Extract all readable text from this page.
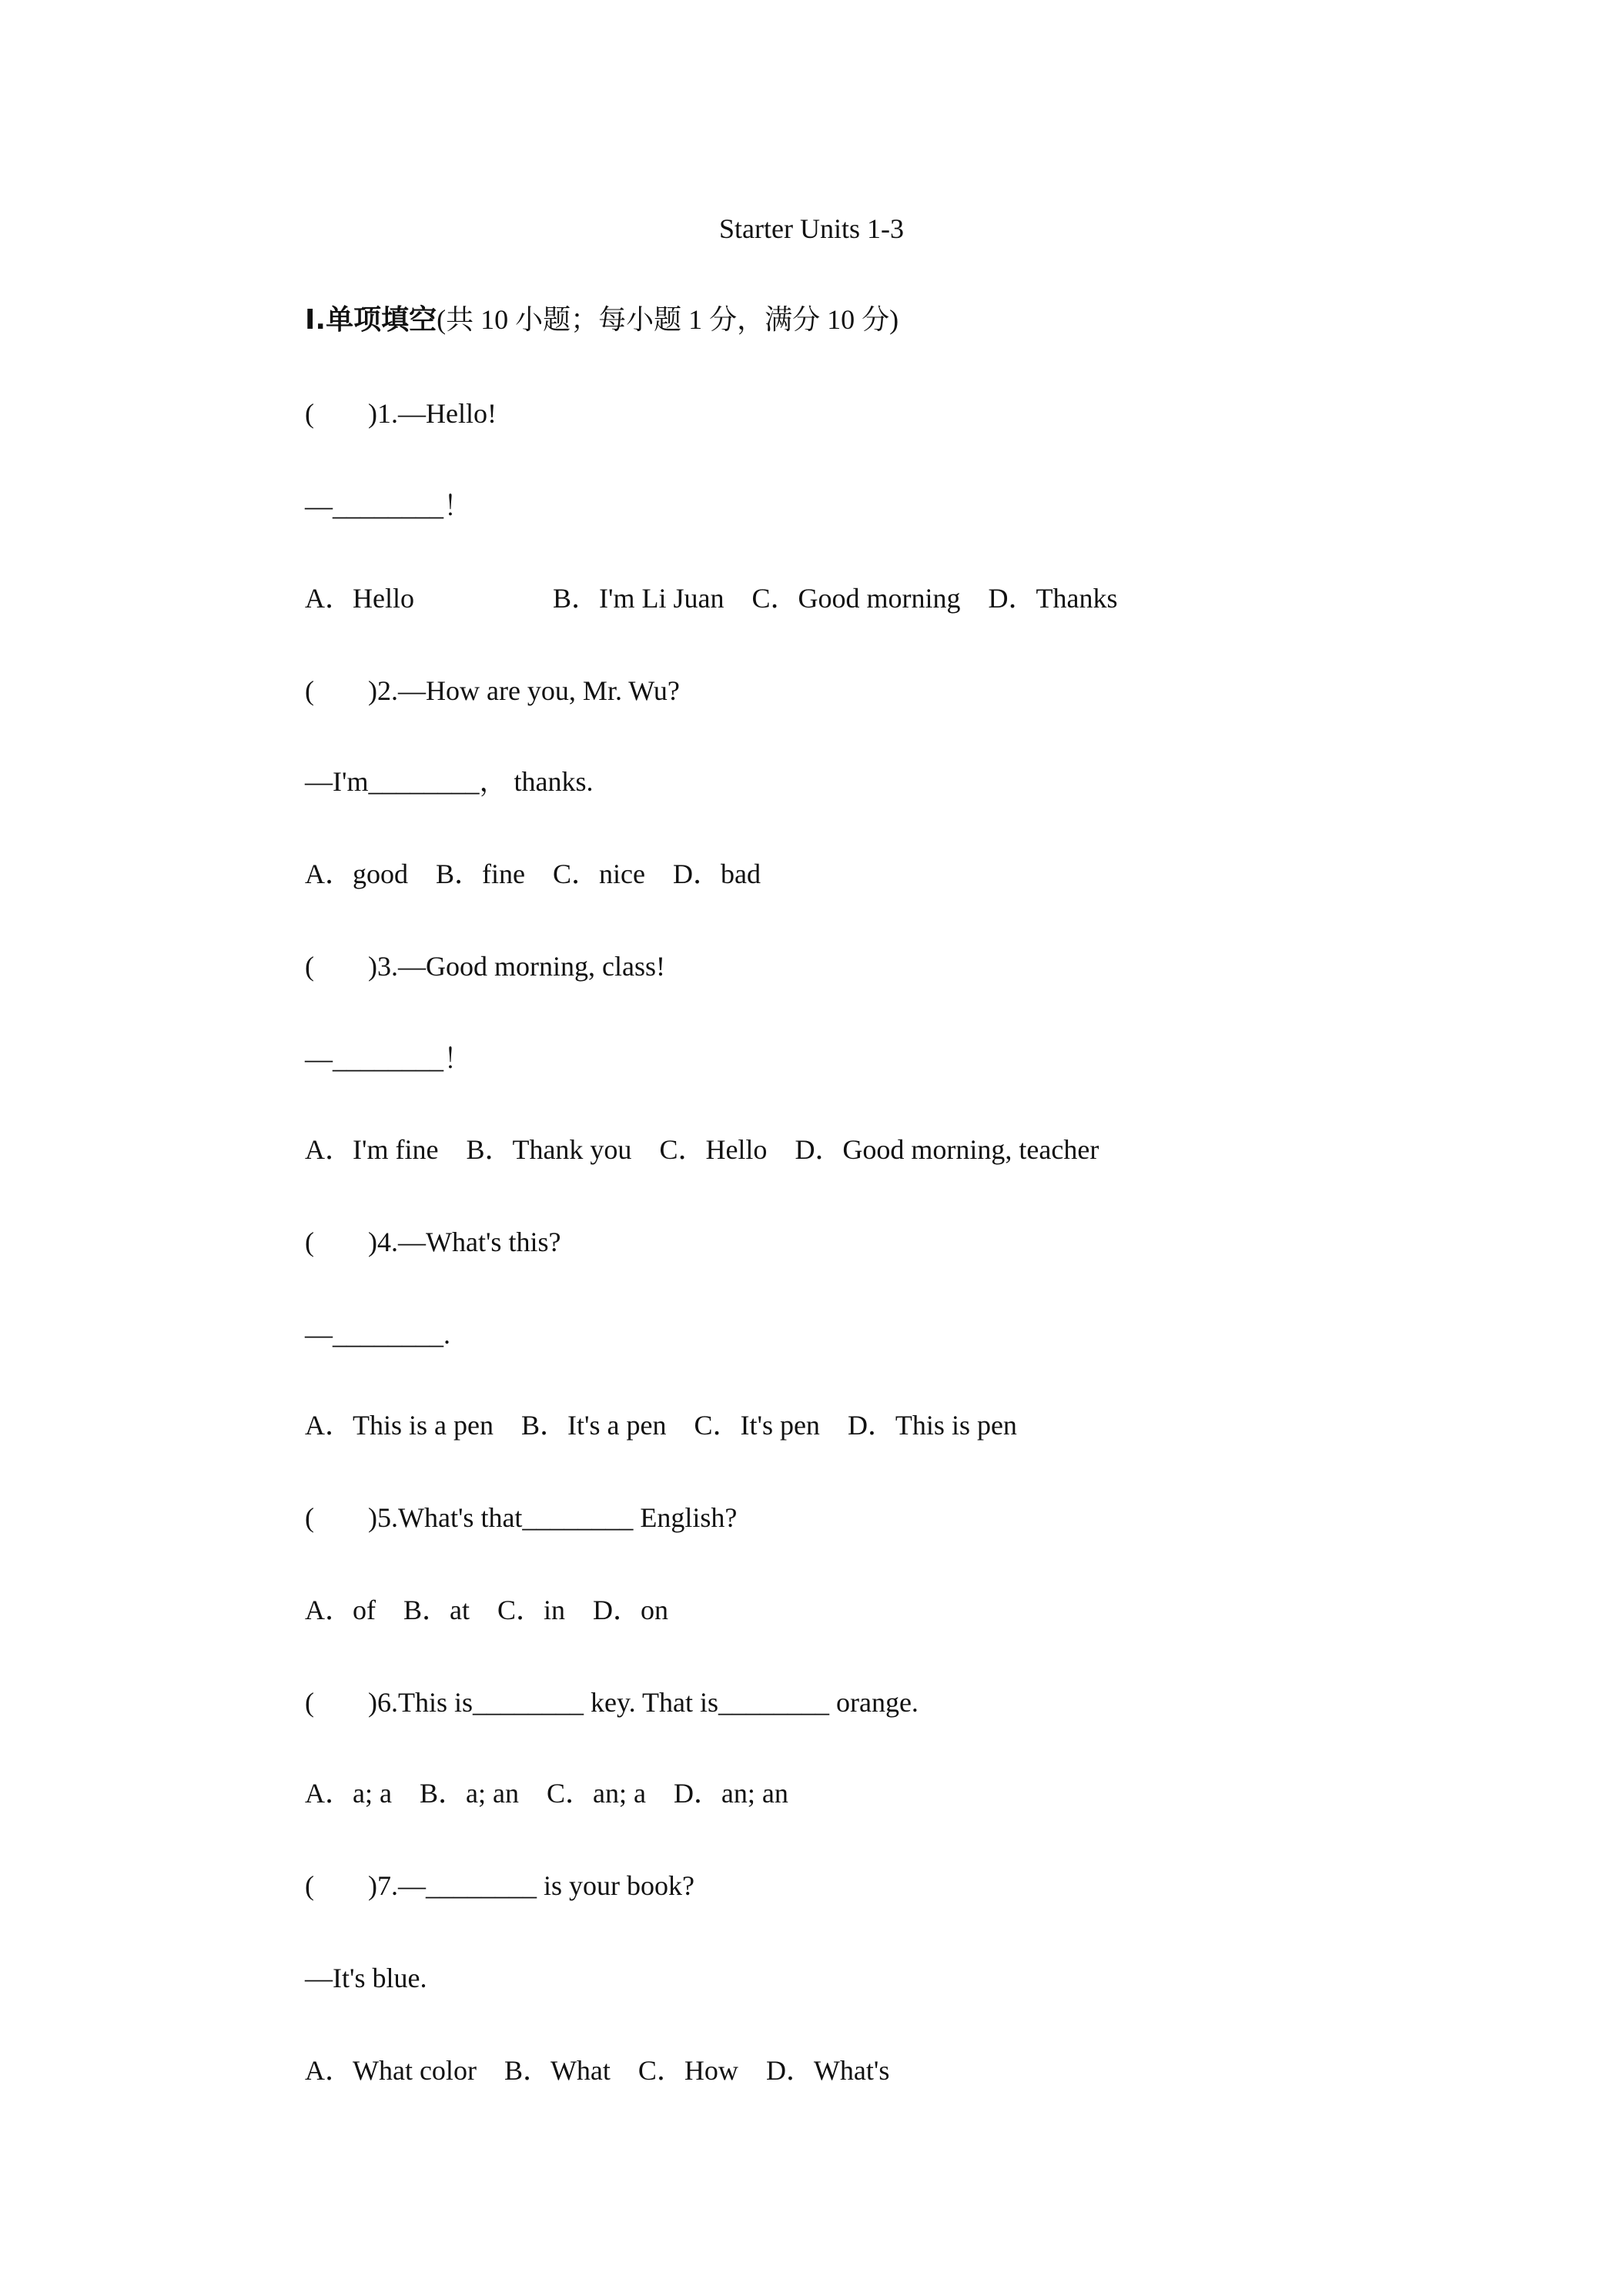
Starter Units 1-3
I.单项填空(共 10 小题；每小题 1 分，满分 10 分)
( )1.—Hello!
—________！
A．Hello	B．I'm Li Juan C．Good morning D．Thanks
( )2.—How are you, Mr. Wu?
—I'm________， thanks.
A．good B．fine C．nice D．bad
( )3.—Good morning, class!
—________！
A．I'm fine B．Thank you C．Hello D．Good morning, teacher
( )4.—What's this?
—________.
A．This is a pen B．It's a pen C．It's pen D．This is pen
( )5.What's that________ English?
A．of B．at C．in D．on
( )6.This is________ key. That is________ orange.
A．a; a B．a; an C．an; a D．an; an
( )7.—________ is your book?
—It's blue.
A．What color B．What C．How D．What's
